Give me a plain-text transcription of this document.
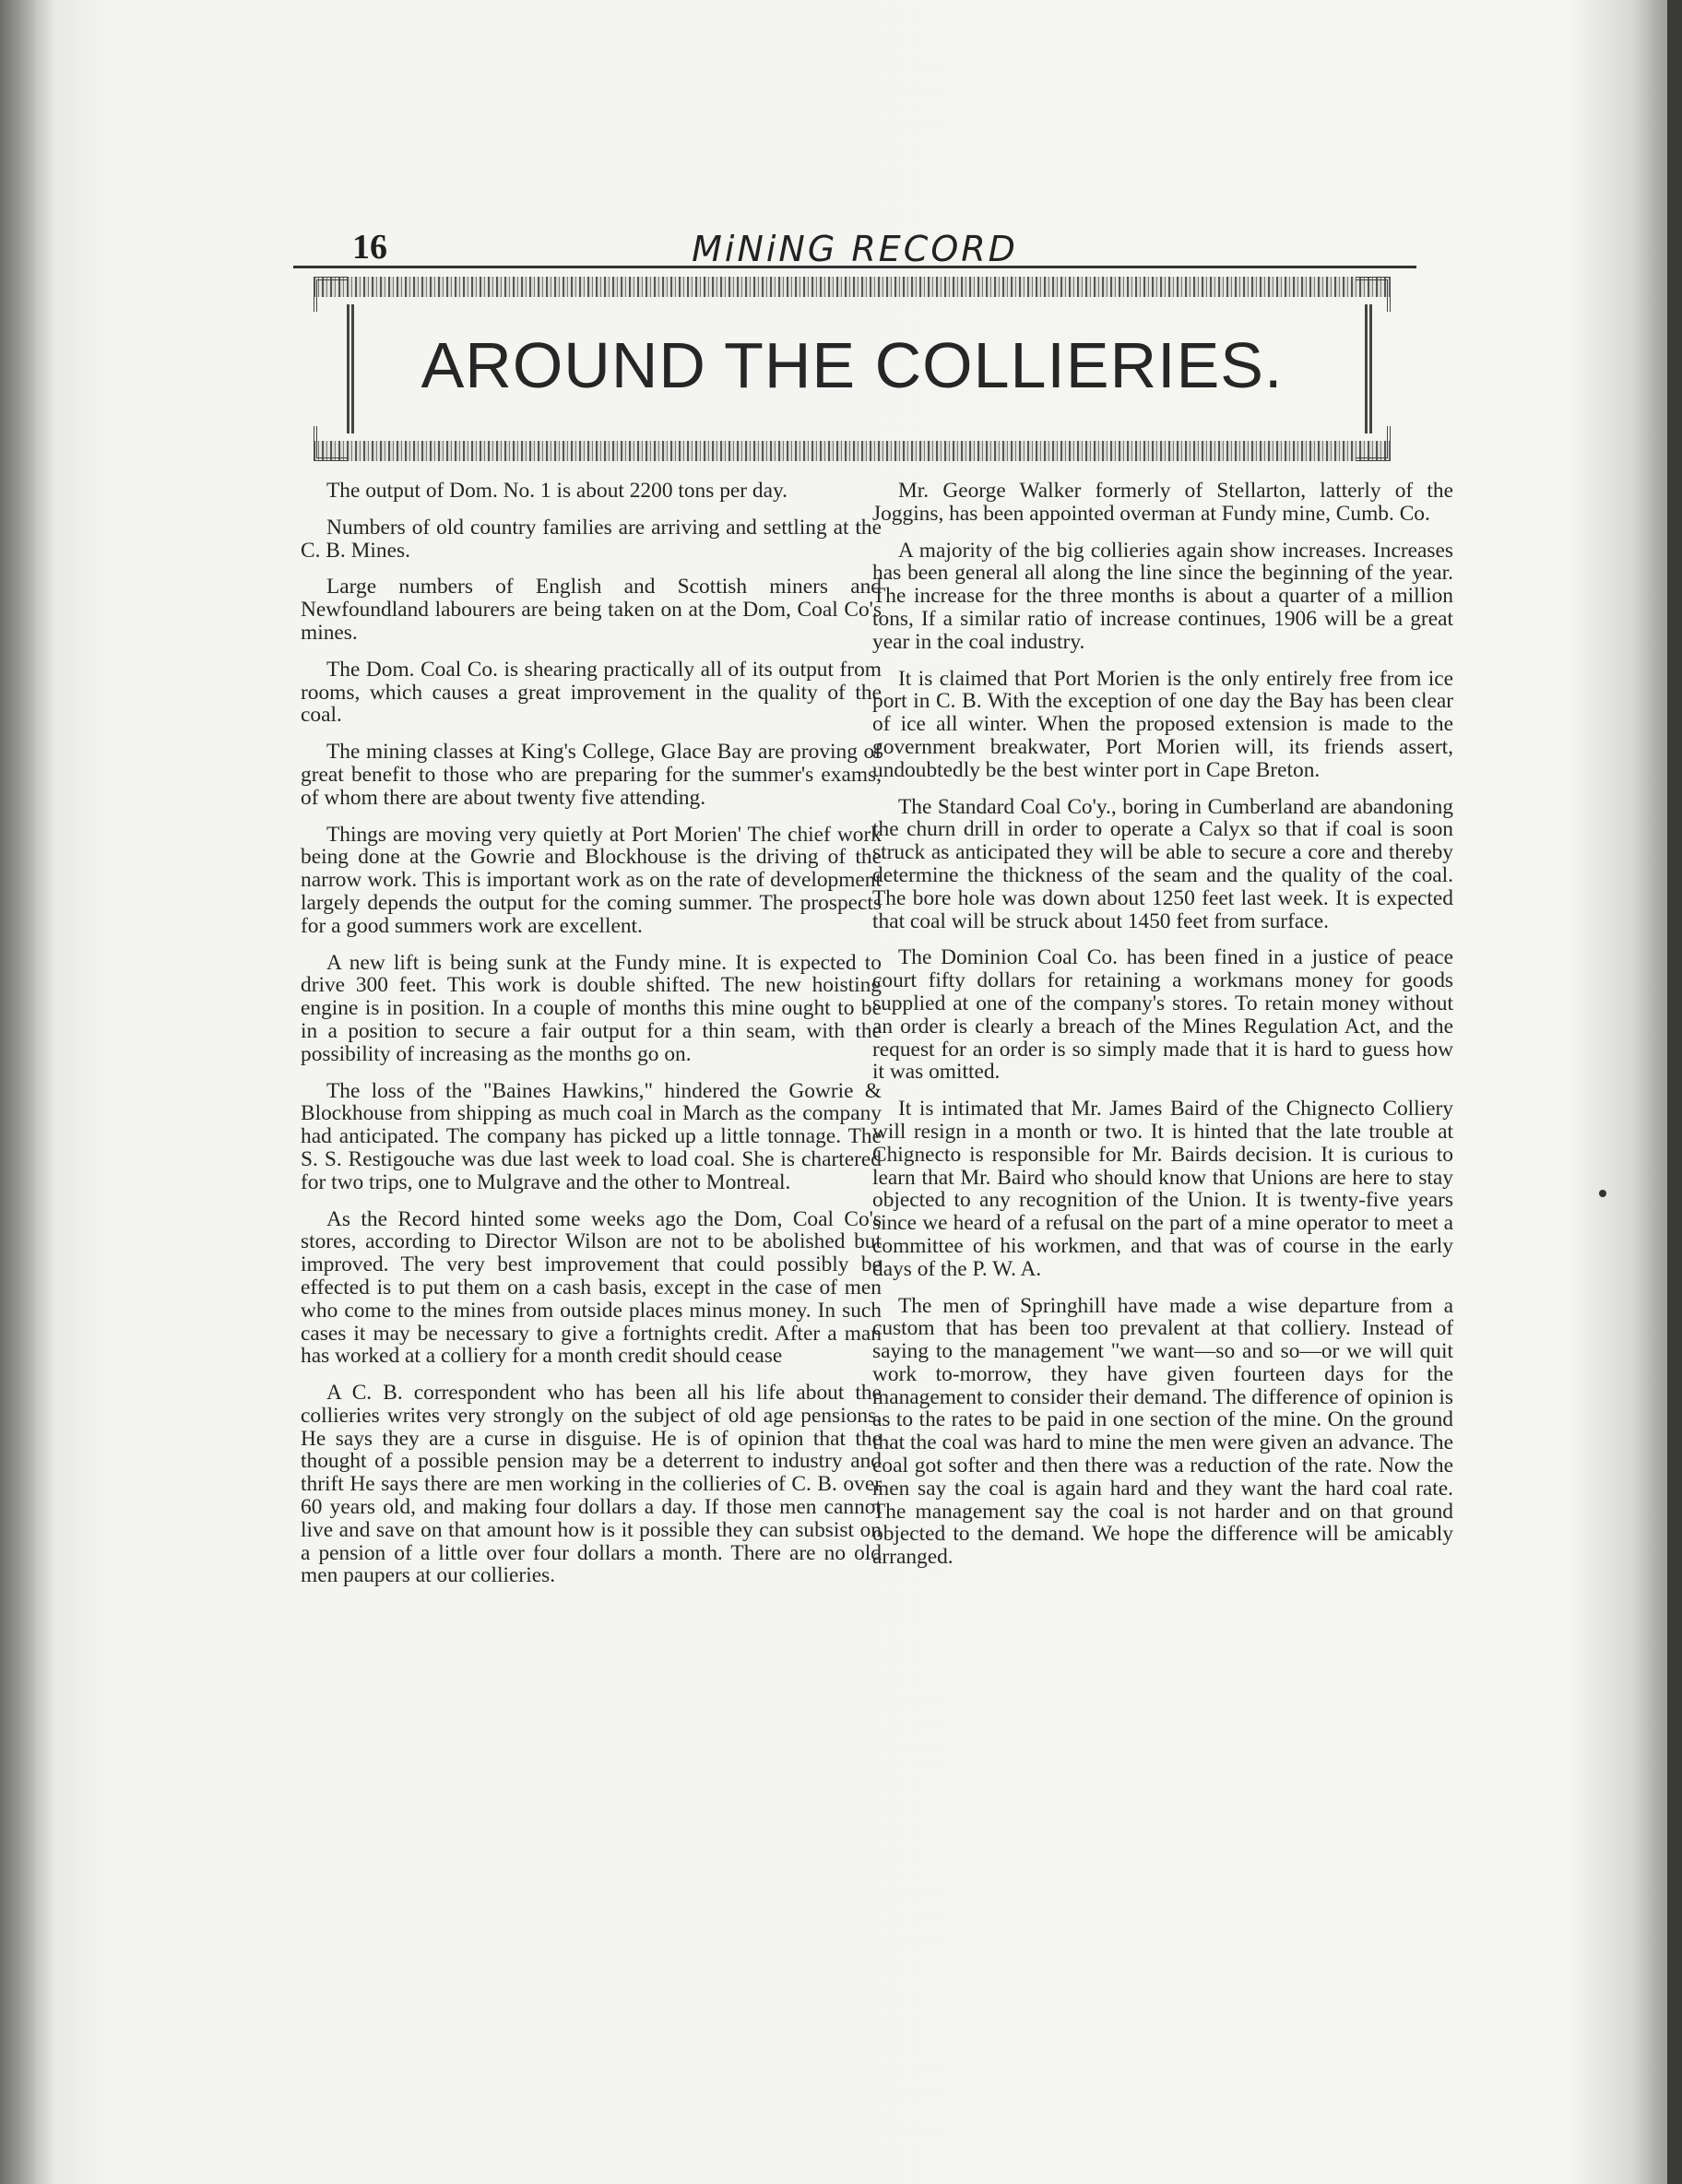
16	MiNiNG RECORD
AROUND THE COLLIERIES.

The output of Dom. No. 1 is about 2200 tons per day.

Numbers of old country families are arriving and settling at the C. B. Mines.

Large numbers of English and Scottish miners and Newfoundland labourers are being taken on at the Dom, Coal Co's mines.

The Dom. Coal Co. is shearing practically all of its output from rooms, which causes a great improvement in the quality of the coal.

The mining classes at King's College, Glace Bay are proving of great benefit to those who are preparing for the summer's exams, of whom there are about twenty five attending.

Things are moving very quietly at Port Morien' The chief work being done at the Gowrie and Blockhouse is the driving of the narrow work. This is important work as on the rate of development largely depends the output for the coming summer. The prospects for a good summers work are excellent.

A new lift is being sunk at the Fundy mine. It is expected to drive 300 feet. This work is double shifted. The new hoisting engine is in position. In a couple of months this mine ought to be in a position to secure a fair output for a thin seam, with the possibility of increasing as the months go on.

The loss of the "Baines Hawkins," hindered the Gowrie & Blockhouse from shipping as much coal in March as the company had anticipated. The company has picked up a little tonnage. The S. S. Restigouche was due last week to load coal. She is chartered for two trips, one to Mulgrave and the other to Montreal.

As the Record hinted some weeks ago the Dom, Coal Co's stores, according to Director Wilson are not to be abolished but improved. The very best improvement that could possibly be effected is to put them on a cash basis, except in the case of men who come to the mines from outside places minus money. In such cases it may be necessary to give a fortnights credit. After a man has worked at a colliery for a month credit should cease

A C. B. correspondent who has been all his life about the collieries writes very strongly on the subject of old age pensions. He says they are a curse in disguise. He is of opinion that the thought of a possible pension may be a deterrent to industry and thrift He says there are men working in the collieries of C. B. over 60 years old, and making four dollars a day. If those men cannot live and save on that amount how is it possible they can subsist on a pension of a little over four dollars a month. There are no old men paupers at our collieries.

Mr. George Walker formerly of Stellarton, latterly of the Joggins, has been appointed overman at Fundy mine, Cumb. Co.

A majority of the big collieries again show increases. Increases has been general all along the line since the beginning of the year. The increase for the three months is about a quarter of a million tons, If a similar ratio of increase continues, 1906 will be a great year in the coal industry.

It is claimed that Port Morien is the only entirely free from ice port in C. B. With the exception of one day the Bay has been clear of ice all winter. When the proposed extension is made to the government breakwater, Port Morien will, its friends assert, undoubtedly be the best winter port in Cape Breton.

The Standard Coal Co'y., boring in Cumberland are abandoning the churn drill in order to operate a Calyx so that if coal is soon struck as anticipated they will be able to secure a core and thereby determine the thickness of the seam and the quality of the coal. The bore hole was down about 1250 feet last week. It is expected that coal will be struck about 1450 feet from surface.

The Dominion Coal Co. has been fined in a justice of peace court fifty dollars for retaining a workmans money for goods supplied at one of the company's stores. To retain money without an order is clearly a breach of the Mines Regulation Act, and the request for an order is so simply made that it is hard to guess how it was omitted.

It is intimated that Mr. James Baird of the Chignecto Colliery will resign in a month or two. It is hinted that the late trouble at Chignecto is responsible for Mr. Bairds decision. It is curious to learn that Mr. Baird who should know that Unions are here to stay objected to any recognition of the Union. It is twenty-five years since we heard of a refusal on the part of a mine operator to meet a committee of his workmen, and that was of course in the early days of the P. W. A.

The men of Springhill have made a wise departure from a custom that has been too prevalent at that colliery. Instead of saying to the management "we want—so and so—or we will quit work to-morrow, they have given fourteen days for the management to consider their demand. The difference of opinion is as to the rates to be paid in one section of the mine. On the ground that the coal was hard to mine the men were given an advance. The coal got softer and then there was a reduction of the rate. Now the men say the coal is again hard and they want the hard coal rate. The management say the coal is not harder and on that ground objected to the demand. We hope the difference will be amicably arranged.
